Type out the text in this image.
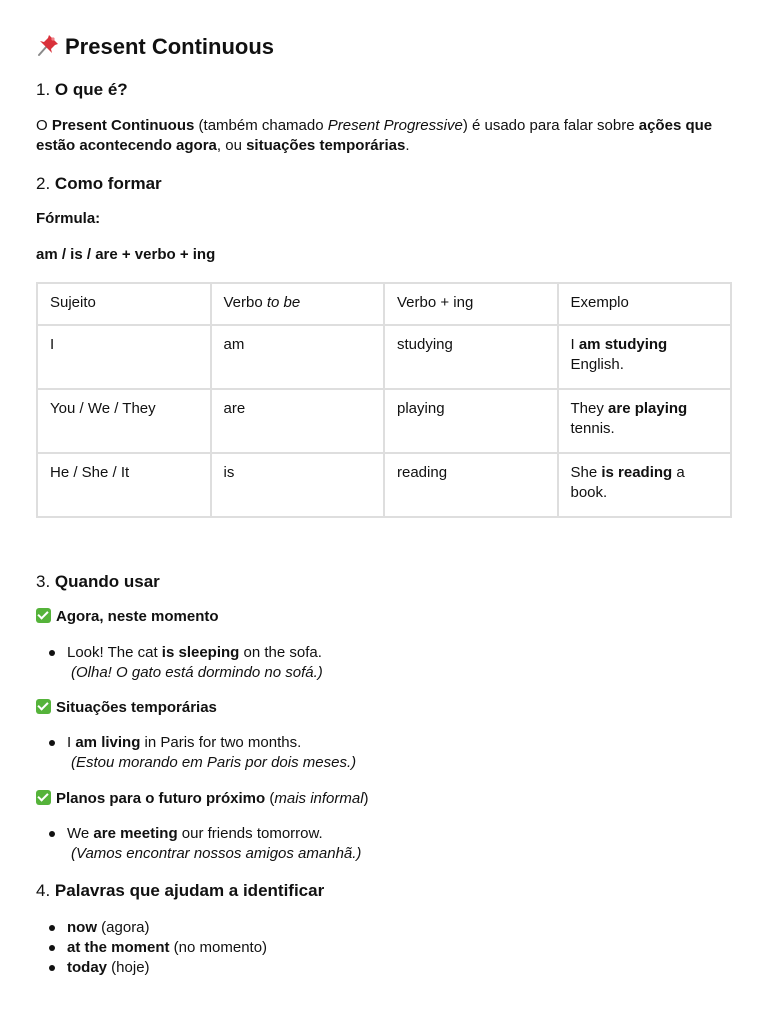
Present Continuous
1. O que é?

O Present Continuous (também chamado Present Progressive) é usado para falar sobre ações que estão acontecendo agora, ou situações temporárias.

2. Como formar

Fórmula:

am / is / are + verbo + ing

Sujeito	Verbo to be	Verbo + ing	Exemplo
I	am	studying	I am studying English.
You / We / They	are	playing	They are playing tennis.
He / She / It	is	reading	She is reading a book.
3. Quando usar

Agora, neste momento

Look! The cat is sleeping on the sofa.
(Olha! O gato está dormindo no sofá.)

Situações temporárias

I am living in Paris for two months.
(Estou morando em Paris por dois meses.)

Planos para o futuro próximo (mais informal)

We are meeting our friends tomorrow.
(Vamos encontrar nossos amigos amanhã.)
4. Palavras que ajudam a identificar
now (agora)
at the moment (no momento)
today (hoje)
